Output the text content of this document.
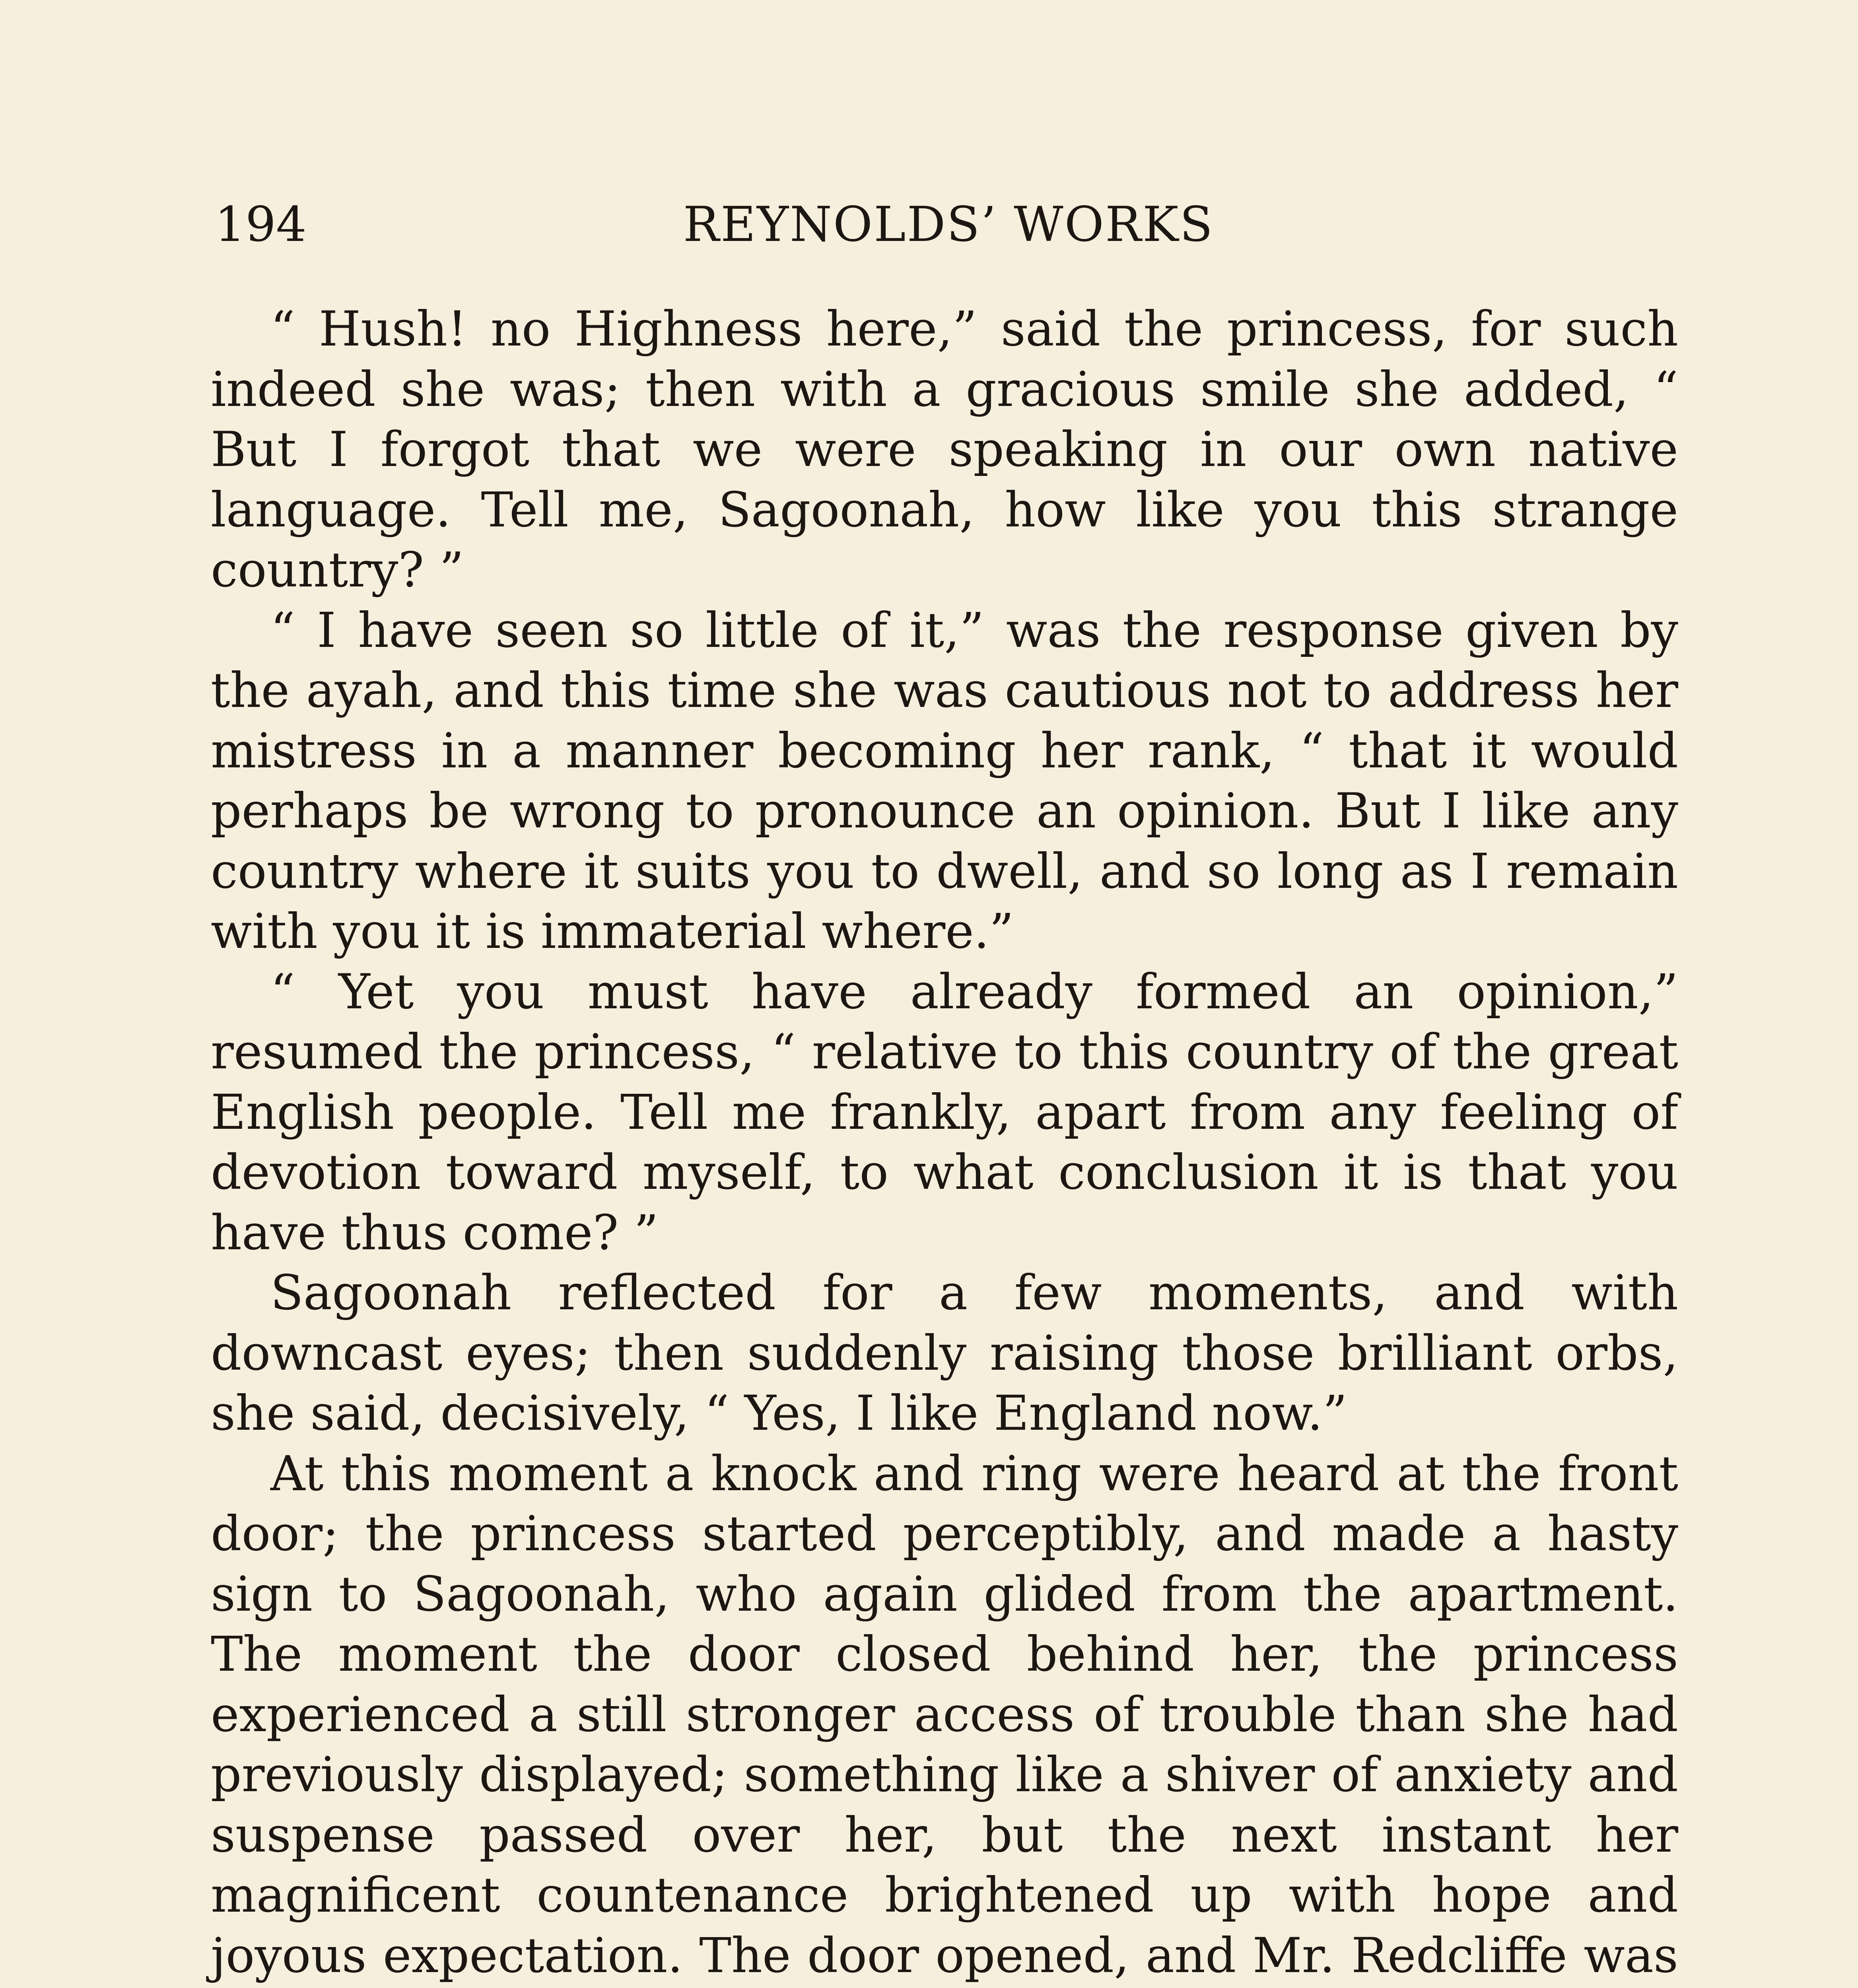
194	REYNOLDS’ WORKS

“ Hush! no Highness here,” said the princess, for such indeed she was; then with a gracious smile she added, “ But I forgot that we were speaking in our own native language. Tell me, Sagoonah, how like you this strange country? ”

“ I have seen so little of it,” was the response given by the ayah, and this time she was cautious not to address her mistress in a manner becoming her rank, “ that it would perhaps be wrong to pronounce an opinion. But I like any country where it suits you to dwell, and so long as I remain with you it is immaterial where.”

“ Yet you must have already formed an opinion,” resumed the princess, “ relative to this country of the great English people. Tell me frankly, apart from any feeling of devotion toward myself, to what conclusion it is that you have thus come? ”

Sagoonah reflected for a few moments, and with downcast eyes; then suddenly raising those brilliant orbs, she said, decisively, “ Yes, I like England now.”

At this moment a knock and ring were heard at the front door; the princess started perceptibly, and made a hasty sign to Sagoonah, who again glided from the apartment. The moment the door closed behind her, the princess experienced a still stronger access of trouble than she had previously displayed; something like a shiver of anxiety and suspense passed over her, but the next instant her magnificent countenance brightened up with hope and joyous expectation. The door opened, and Mr. Redcliffe was
